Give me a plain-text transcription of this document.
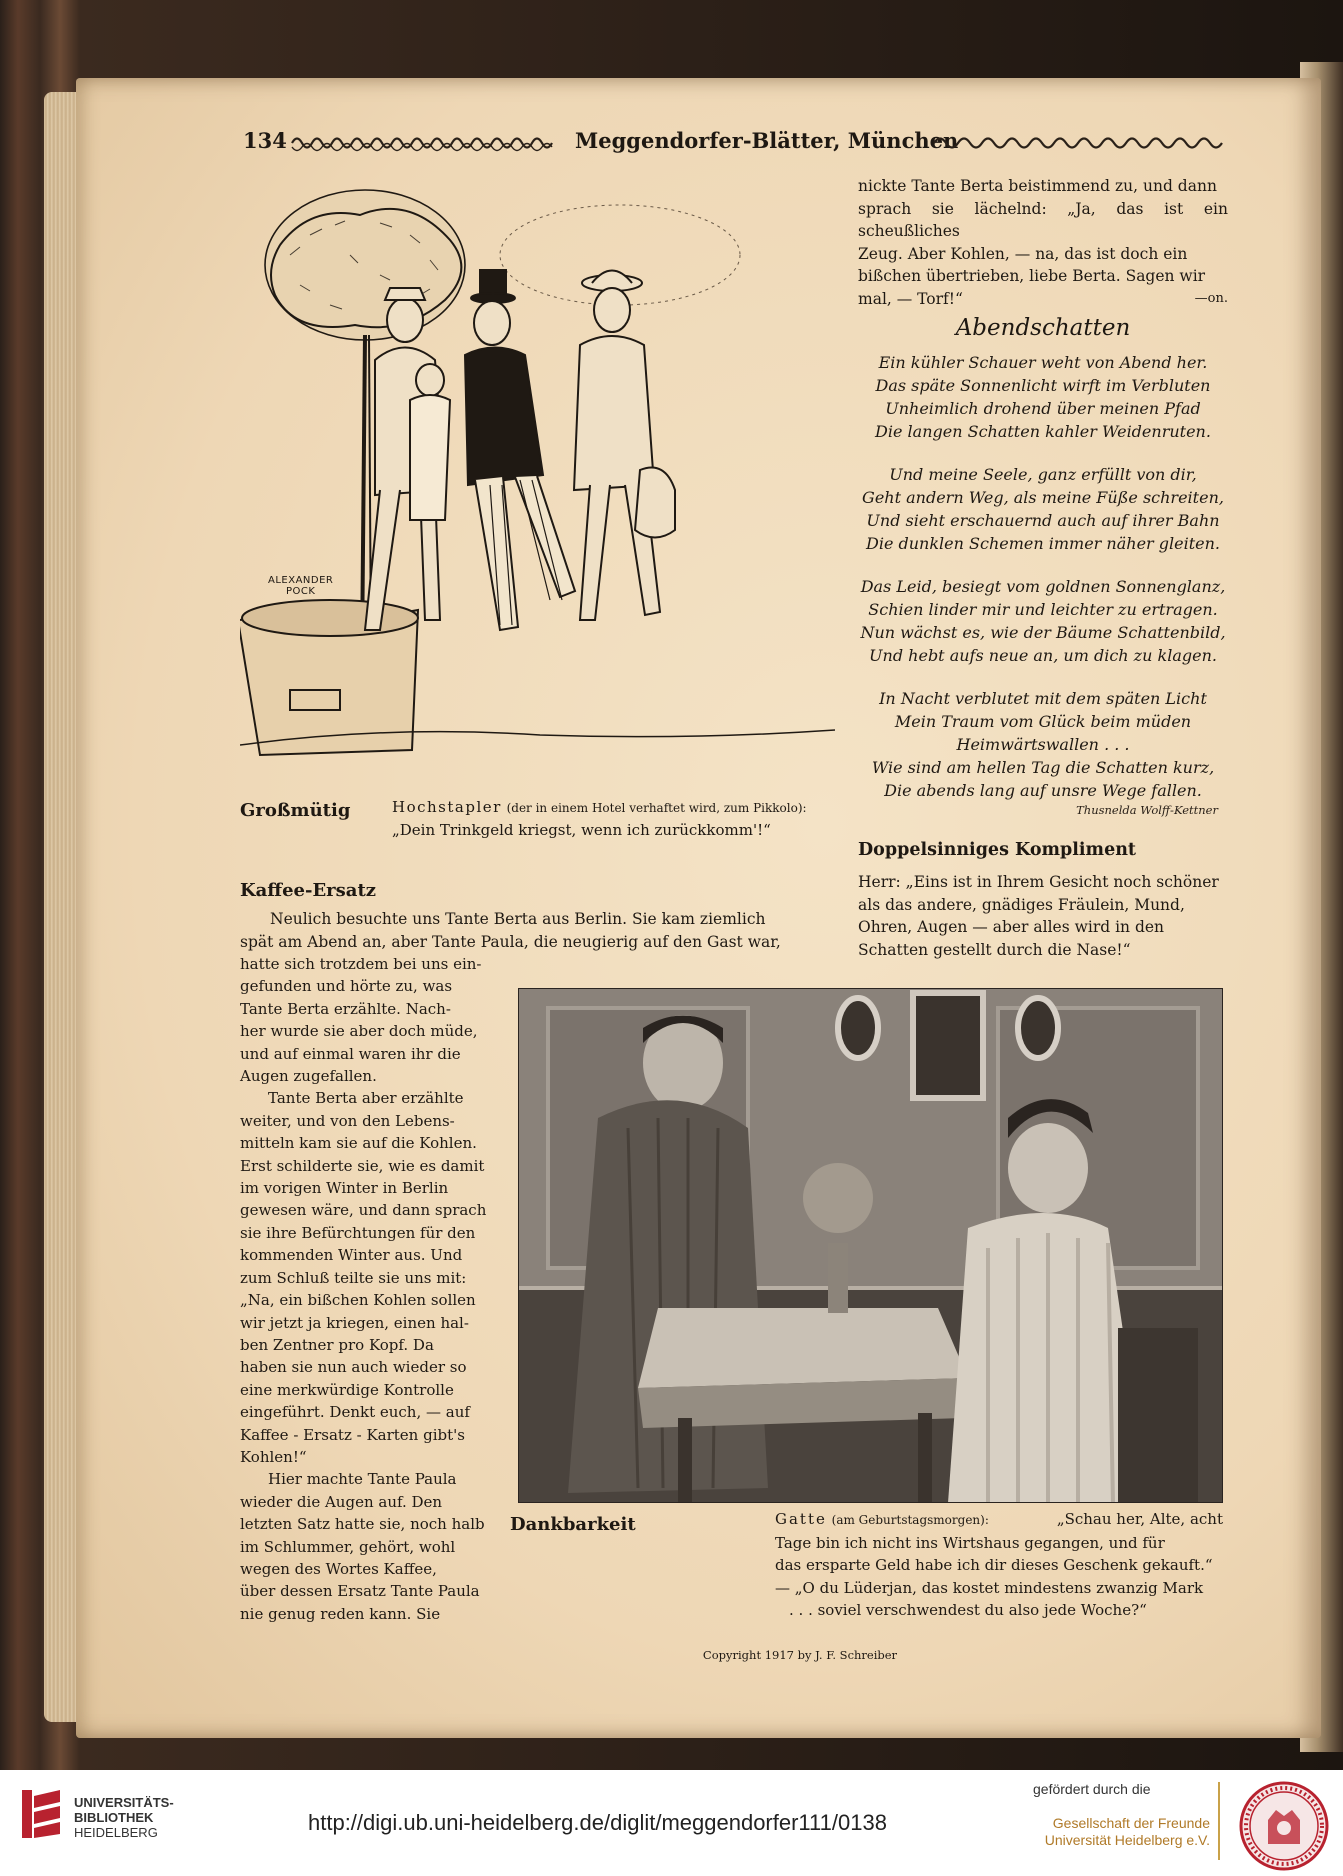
134	Meggendorfer-Blätter, München
ALEXANDER
POCK
Großmütig	Hochstapler (der in einem Hotel verhaftet wird, zum Pikkolo): „Dein Trinkgeld kriegst, wenn ich zurückkomm'!“
nickte Tante Berta beistimmend zu, und dann
sprach sie lächelnd: „Ja, das ist ein scheußliches
Zeug. Aber Kohlen, — na, das ist doch ein
bißchen übertrieben, liebe Berta. Sagen wir
mal, — Torf!“	—on.
Abendschatten
Ein kühler Schauer weht von Abend her.
Das späte Sonnenlicht wirft im Verbluten
Unheimlich drohend über meinen Pfad
Die langen Schatten kahler Weidenruten.
Und meine Seele, ganz erfüllt von dir,
Geht andern Weg, als meine Füße schreiten,
Und sieht erschauernd auch auf ihrer Bahn
Die dunklen Schemen immer näher gleiten.
Das Leid, besiegt vom goldnen Sonnenglanz,
Schien linder mir und leichter zu ertragen.
Nun wächst es, wie der Bäume Schattenbild,
Und hebt aufs neue an, um dich zu klagen.
In Nacht verblutet mit dem späten Licht
Mein Traum vom Glück beim müden
Heimwärtswallen . . .
Wie sind am hellen Tag die Schatten kurz,
Die abends lang auf unsre Wege fallen.
Thusnelda Wolff-Kettner
Doppelsinniges Kompliment
Herr: „Eins ist in Ihrem Gesicht noch schöner
als das andere, gnädiges Fräulein, Mund,
Ohren, Augen — aber alles wird in den
Schatten gestellt durch die Nase!“
Kaffee-Ersatz
Neulich besuchte uns Tante Berta aus Berlin. Sie kam ziemlich
spät am Abend an, aber Tante Paula, die neugierig auf den Gast war,
hatte sich trotzdem bei uns ein-
gefunden und hörte zu, was
Tante Berta erzählte. Nach-
her wurde sie aber doch müde,
und auf einmal waren ihr die
Augen zugefallen.
Tante Berta aber erzählte
weiter, und von den Lebens-
mitteln kam sie auf die Kohlen.
Erst schilderte sie, wie es damit
im vorigen Winter in Berlin
gewesen wäre, und dann sprach
sie ihre Befürchtungen für den
kommenden Winter aus. Und
zum Schluß teilte sie uns mit:
„Na, ein bißchen Kohlen sollen
wir jetzt ja kriegen, einen hal-
ben Zentner pro Kopf. Da
haben sie nun auch wieder so
eine merkwürdige Kontrolle
eingeführt. Denkt euch, — auf
Kaffee - Ersatz - Karten gibt's
Kohlen!“
Hier machte Tante Paula
wieder die Augen auf. Den
letzten Satz hatte sie, noch halb
im Schlummer, gehört, wohl
wegen des Wortes Kaffee,
über dessen Ersatz Tante Paula
nie genug reden kann. Sie
Dankbarkeit	Gatte (am Geburtstagsmorgen):	„Schau her, Alte, acht
Tage bin ich nicht ins Wirtshaus gegangen, und für
das ersparte Geld habe ich dir dieses Geschenk gekauft.“
— „O du Lüderjan, das kostet mindestens zwanzig Mark
. . . soviel verschwendest du also jede Woche?“
Copyright 1917 by J. F. Schreiber
UNIVERSITÄTS-
BIBLIOTHEK
HEIDELBERG	http://digi.ub.uni-heidelberg.de/diglit/meggendorfer111/0138
gefördert durch die
Gesellschaft der Freunde
Universität Heidelberg e.V.
